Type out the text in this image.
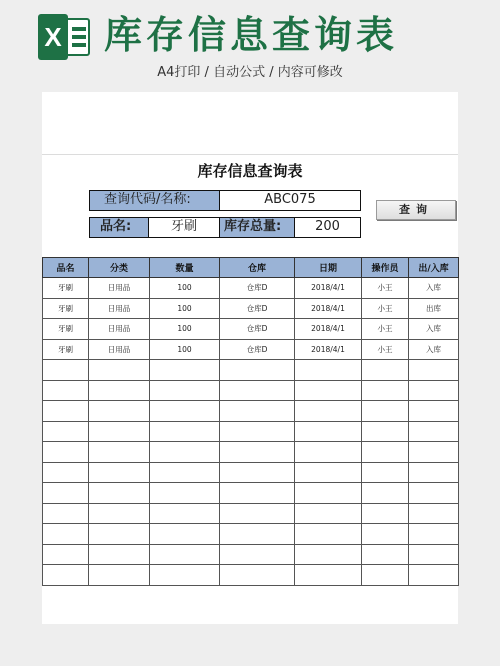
X 库存信息查询表
A4打印 / 自动公式 / 内容可修改
库存信息查询表
查询代码/名称:	ABC075
品名:	牙刷	库存总量:	200
查询
品名	分类	数量	仓库	日期	操作员	出/入库
牙刷	日用品	100	仓库D	2018/4/1	小王	入库
牙刷	日用品	100	仓库D	2018/4/1	小王	出库
牙刷	日用品	100	仓库D	2018/4/1	小王	入库
牙刷	日用品	100	仓库D	2018/4/1	小王	入库
